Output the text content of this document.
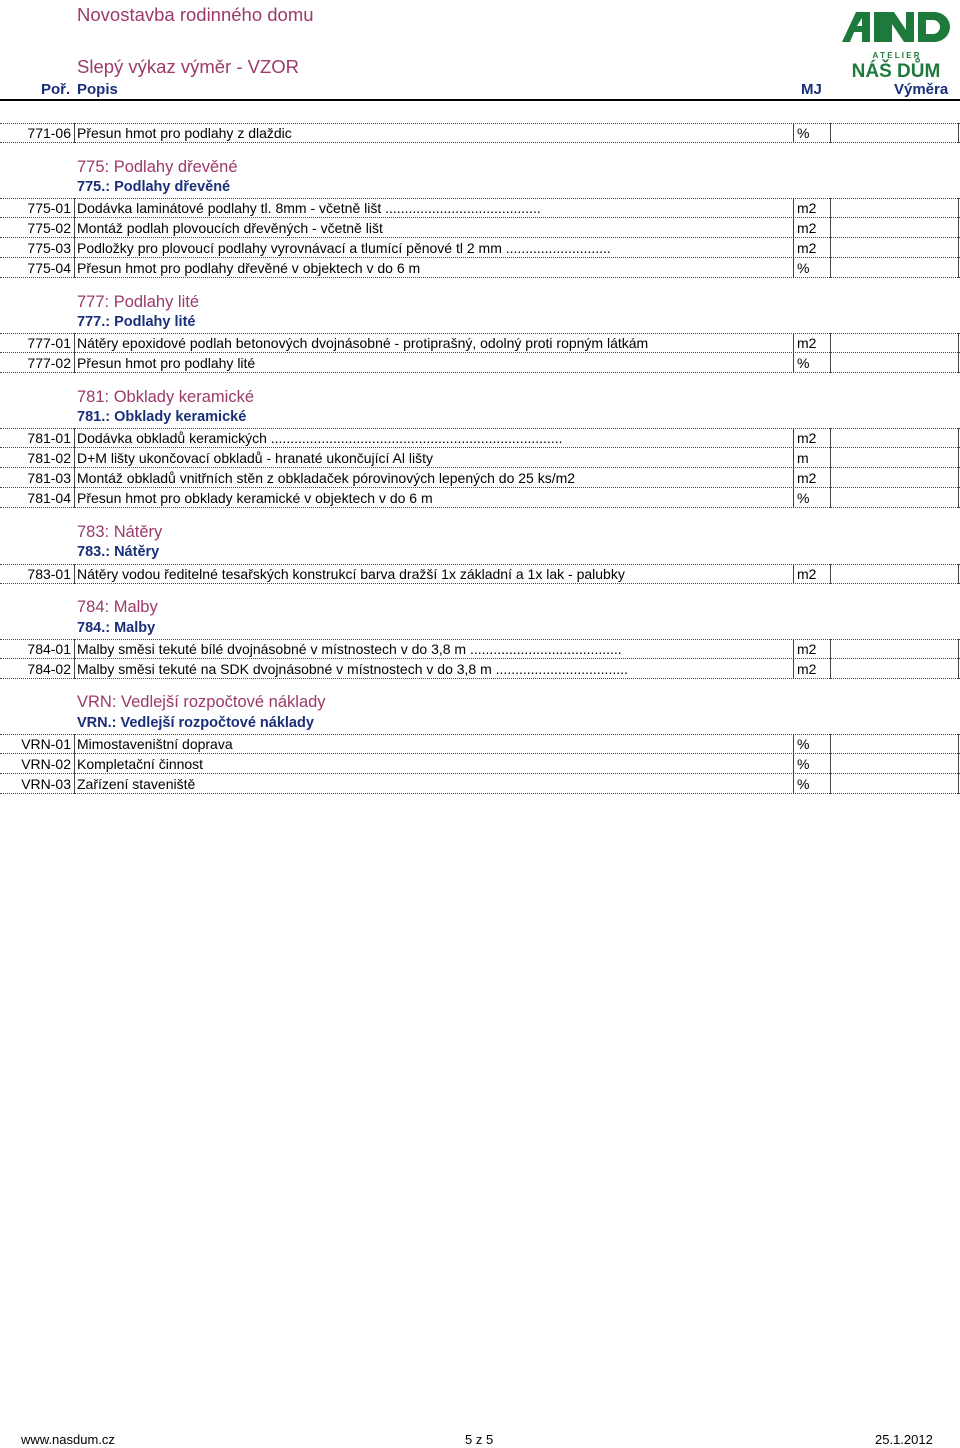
Novostavba rodinného domu
Slepý výkaz výměr - VZOR
A T E L I E R
NÁŠ DŮM
Poř. Popis	MJ	Výměra
771-06 Přesun hmot pro podlahy z dlaždic	%
775: Podlahy dřevěné
775.: Podlahy dřevěné
775-01 Dodávka laminátové podlahy tl. 8mm - včetně lišt ........................................	m2
775-02 Montáž podlah plovoucích dřevěných - včetně lišt	m2
775-03 Podložky pro plovoucí podlahy vyrovnávací a tlumící pěnové tl 2 mm ...........................	m2
775-04 Přesun hmot pro podlahy dřevěné v objektech v do 6 m	%
777: Podlahy lité
777.: Podlahy lité
777-01 Nátěry epoxidové podlah betonových dvojnásobné - protiprašný, odolný proti ropným látkám	m2
777-02 Přesun hmot pro podlahy lité	%
781: Obklady keramické
781.: Obklady keramické
781-01 Dodávka obkladů keramických ...........................................................................	m2
781-02 D+M lišty ukončovací obkladů - hranaté ukončující Al lišty	m
781-03 Montáž obkladů vnitřních stěn z obkladaček pórovinových lepených do 25 ks/m2	m2
781-04 Přesun hmot pro obklady keramické v objektech v do 6 m	%
783: Nátěry
783.: Nátěry
783-01 Nátěry vodou ředitelné tesařských konstrukcí barva dražší 1x základní a 1x lak - palubky	m2
784: Malby
784.: Malby
784-01 Malby směsi tekuté bílé dvojnásobné v místnostech v do 3,8 m .......................................	m2
784-02 Malby směsi tekuté na SDK dvojnásobné v místnostech v do 3,8 m ..................................	m2
VRN: Vedlejší rozpočtové náklady
VRN.: Vedlejší rozpočtové náklady
VRN-01 Mimostaveništní doprava	%
VRN-02 Kompletační činnost	%
VRN-03 Zařízení staveniště	%
www.nasdum.cz	5 z 5	25.1.2012
